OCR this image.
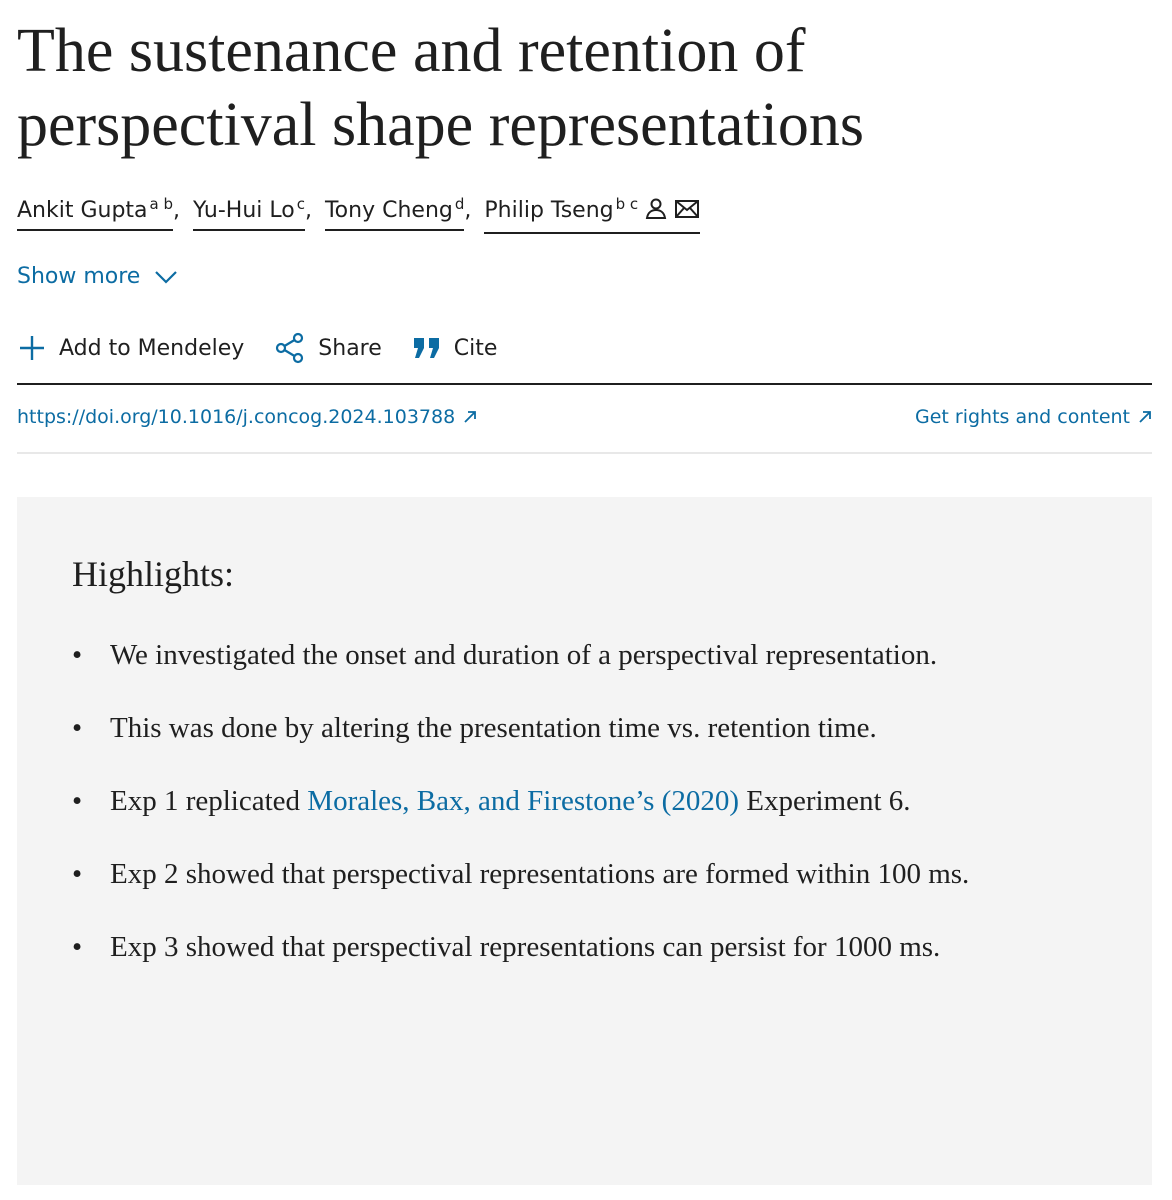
The sustenance and retention of perspectival shape representations
Ankit Gupta $^{a b}$, Yu-Hui Lo $^c$, Tony Cheng $^d$, Philip Tseng $^{b c}$
Show more
Add to Mendeley	Share	Cite
https://doi.org/10.1016/j.concog.2024.103788	Get rights and content
Highlights:
• We investigated the onset and duration of a perspectival representation.
• This was done by altering the presentation time vs. retention time.
• Exp 1 replicated Morales, Bax, and Firestone’s (2020) Experiment 6.
• Exp 2 showed that perspectival representations are formed within 100 ms.
• Exp 3 showed that perspectival representations can persist for 1000 ms.
